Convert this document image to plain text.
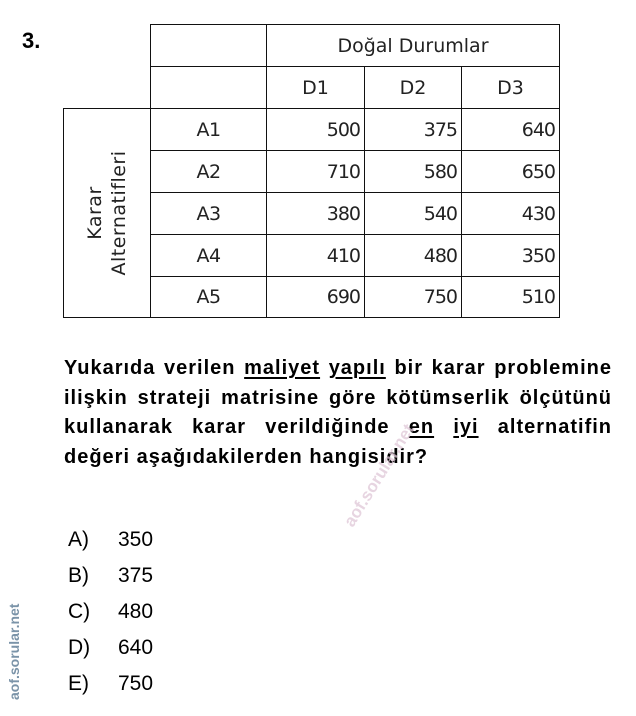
3.	Doğal Durumlar
D1	D2	D3
Karar Alternatifleri
A1	500	375	640
A2	710	580	650
A3	380	540	430
A4	410	480	350
A5	690	750	510
Yukarıda verilen maliyet yapılı bir karar problemine ilişkin strateji matrisine göre kötümserlik ölçütünü kullanarak karar verildiğinde en iyi alternatifin değeri aşağıdakilerden hangisidir?
A)	350
B)	375
C)	480
D)	640
E)	750
aof.sorular.net
aof.sorular.net
